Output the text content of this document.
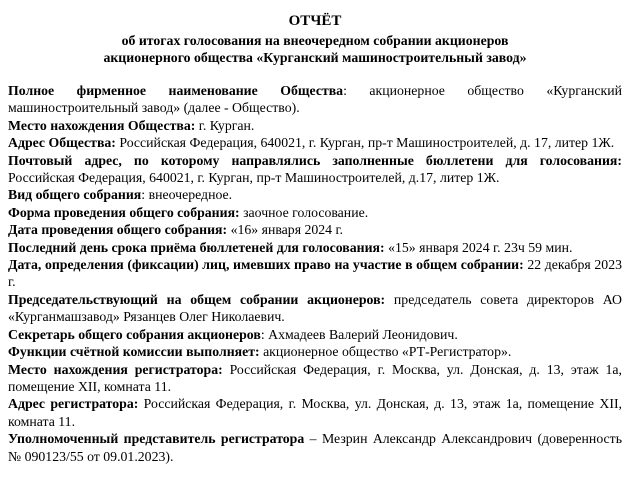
ОТЧЁТ

об итогах голосования на внеочередном собрании акционеров

акционерного общества «Курганский машиностроительный завод»

Полное фирменное наименование Общества: акционерное общество «Курганский машиностроительный завод» (далее - Общество).

Место нахождения Общества: г. Курган.

Адрес Общества: Российская Федерация, 640021, г. Курган, пр-т Машиностроителей, д. 17, литер 1Ж.

Почтовый адрес, по которому направлялись заполненные бюллетени для голосования: Российская Федерация, 640021, г. Курган, пр-т Машиностроителей, д.17, литер 1Ж.

Вид общего собрания: внеочередное.

Форма проведения общего собрания: заочное голосование.

Дата проведения общего собрания: «16» января 2024 г.

Последний день срока приёма бюллетеней для голосования: «15» января 2024 г. 23ч 59 мин.

Дата, определения (фиксации) лиц, имевших право на участие в общем собрании: 22 декабря 2023 г.

Председательствующий на общем собрании акционеров: председатель совета директоров АО «Курганмашзавод» Рязанцев Олег Николаевич.

Секретарь общего собрания акционеров: Ахмадеев Валерий Леонидович.

Функции счётной комиссии выполняет: акционерное общество «РТ-Регистратор».

Место нахождения регистратора: Российская Федерация, г. Москва, ул. Донская, д. 13, этаж 1а, помещение XII, комната 11.

Адрес регистратора: Российская Федерация, г. Москва, ул. Донская, д. 13, этаж 1а, помещение XII, комната 11.

Уполномоченный представитель регистратора – Мезрин Александр Александрович (доверенность № 090123/55 от 09.01.2023).
